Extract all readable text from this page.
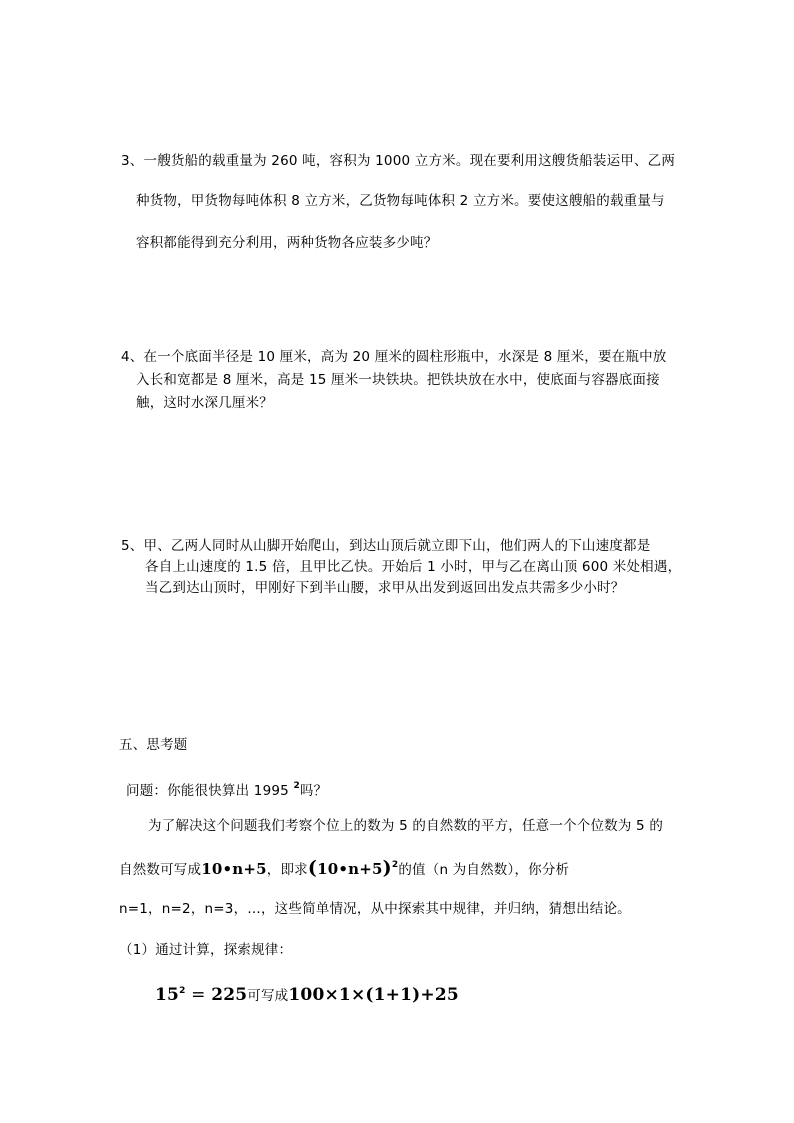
3、一艘货船的载重量为 260 吨，容积为 1000 立方米。现在要利用这艘货船装运甲、乙两
种货物，甲货物每吨体积 8 立方米，乙货物每吨体积 2 立方米。要使这艘船的载重量与
容积都能得到充分利用，两种货物各应装多少吨？
4、在一个底面半径是 10 厘米，高为 20 厘米的圆柱形瓶中，水深是 8 厘米，要在瓶中放
入长和宽都是 8 厘米，高是 15 厘米一块铁块。把铁块放在水中，使底面与容器底面接
触，这时水深几厘米？
5、甲、乙两人同时从山脚开始爬山，到达山顶后就立即下山，他们两人的下山速度都是
各自上山速度的 1.5 倍，且甲比乙快。开始后 1 小时，甲与乙在离山顶 600 米处相遇，
当乙到达山顶时，甲刚好下到半山腰，求甲从出发到返回出发点共需多少小时？
五、思考题
问题：你能很快算出 1995 $^2$吗？
为了解决这个问题我们考察个位上的数为 5 的自然数的平方，任意一个个位数为 5 的
自然数可写成10•n+5，即求(10•n+5)$^2$的值（n 为自然数），你分析
n=1，n=2，n=3，…，这些简单情况，从中探索其中规律，并归纳，猜想出结论。
（1）通过计算，探索规律：
$15^2 = 225$可写成100×1×(1+1)+25
